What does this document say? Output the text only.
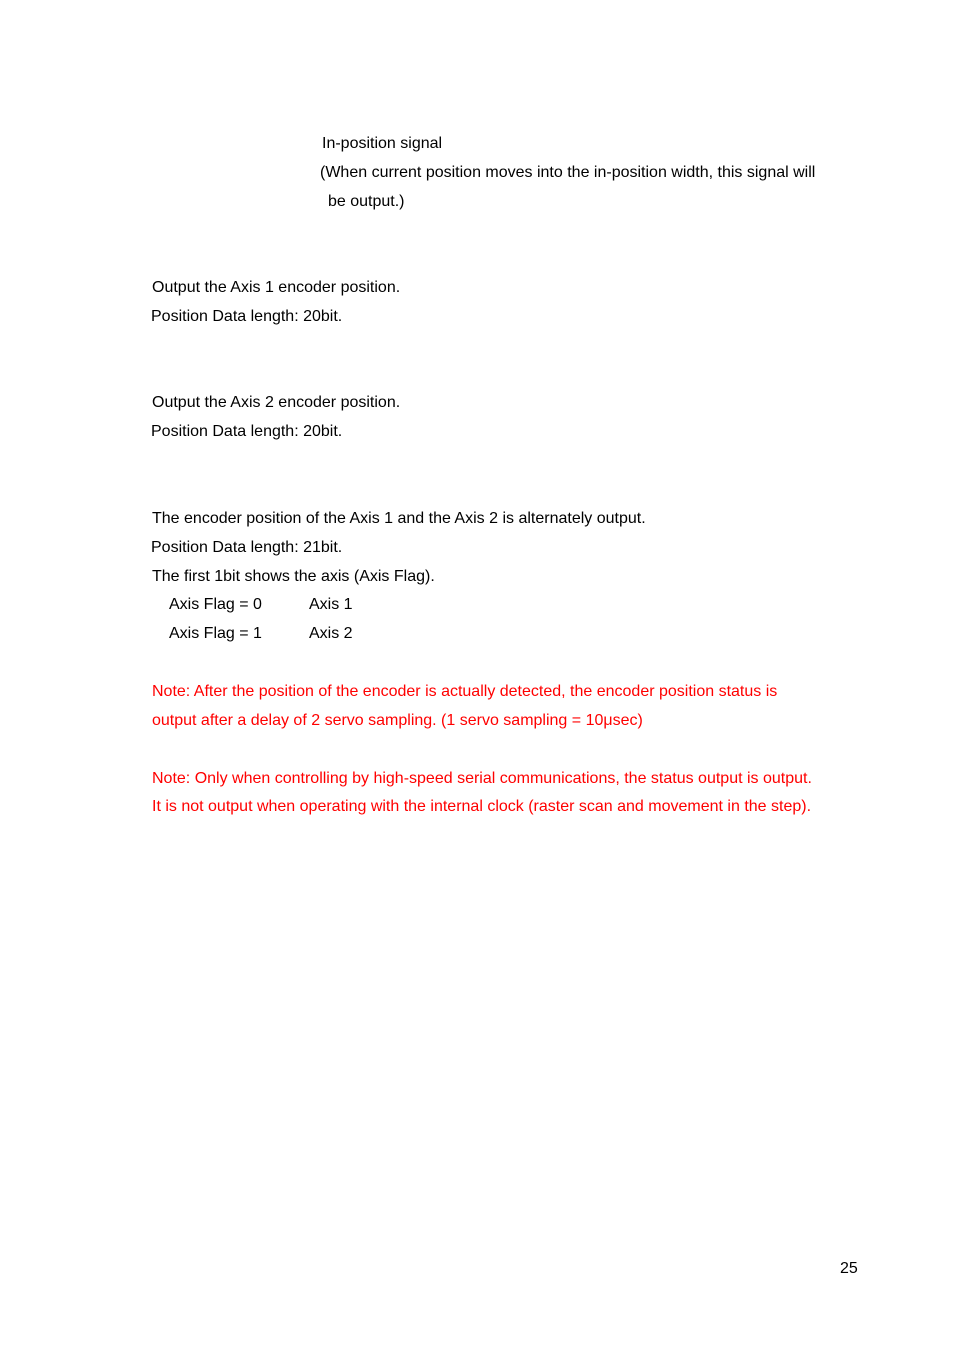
In-position signal
(When current position moves into the in-position width, this signal will
be output.)
Output the Axis 1 encoder position.
Position Data length: 20bit.
Output the Axis 2 encoder position.
Position Data length: 20bit.
The encoder position of the Axis 1 and the Axis 2 is alternately output.
Position Data length: 21bit.
The first 1bit shows the axis (Axis Flag).
Axis Flag = 0	Axis 1
Axis Flag = 1	Axis 2
Note: After the position of the encoder is actually detected, the encoder position status is
output after a delay of 2 servo sampling. (1 servo sampling = 10μsec)
Note: Only when controlling by high-speed serial communications, the status output is output.
It is not output when operating with the internal clock (raster scan and movement in the step).
25
